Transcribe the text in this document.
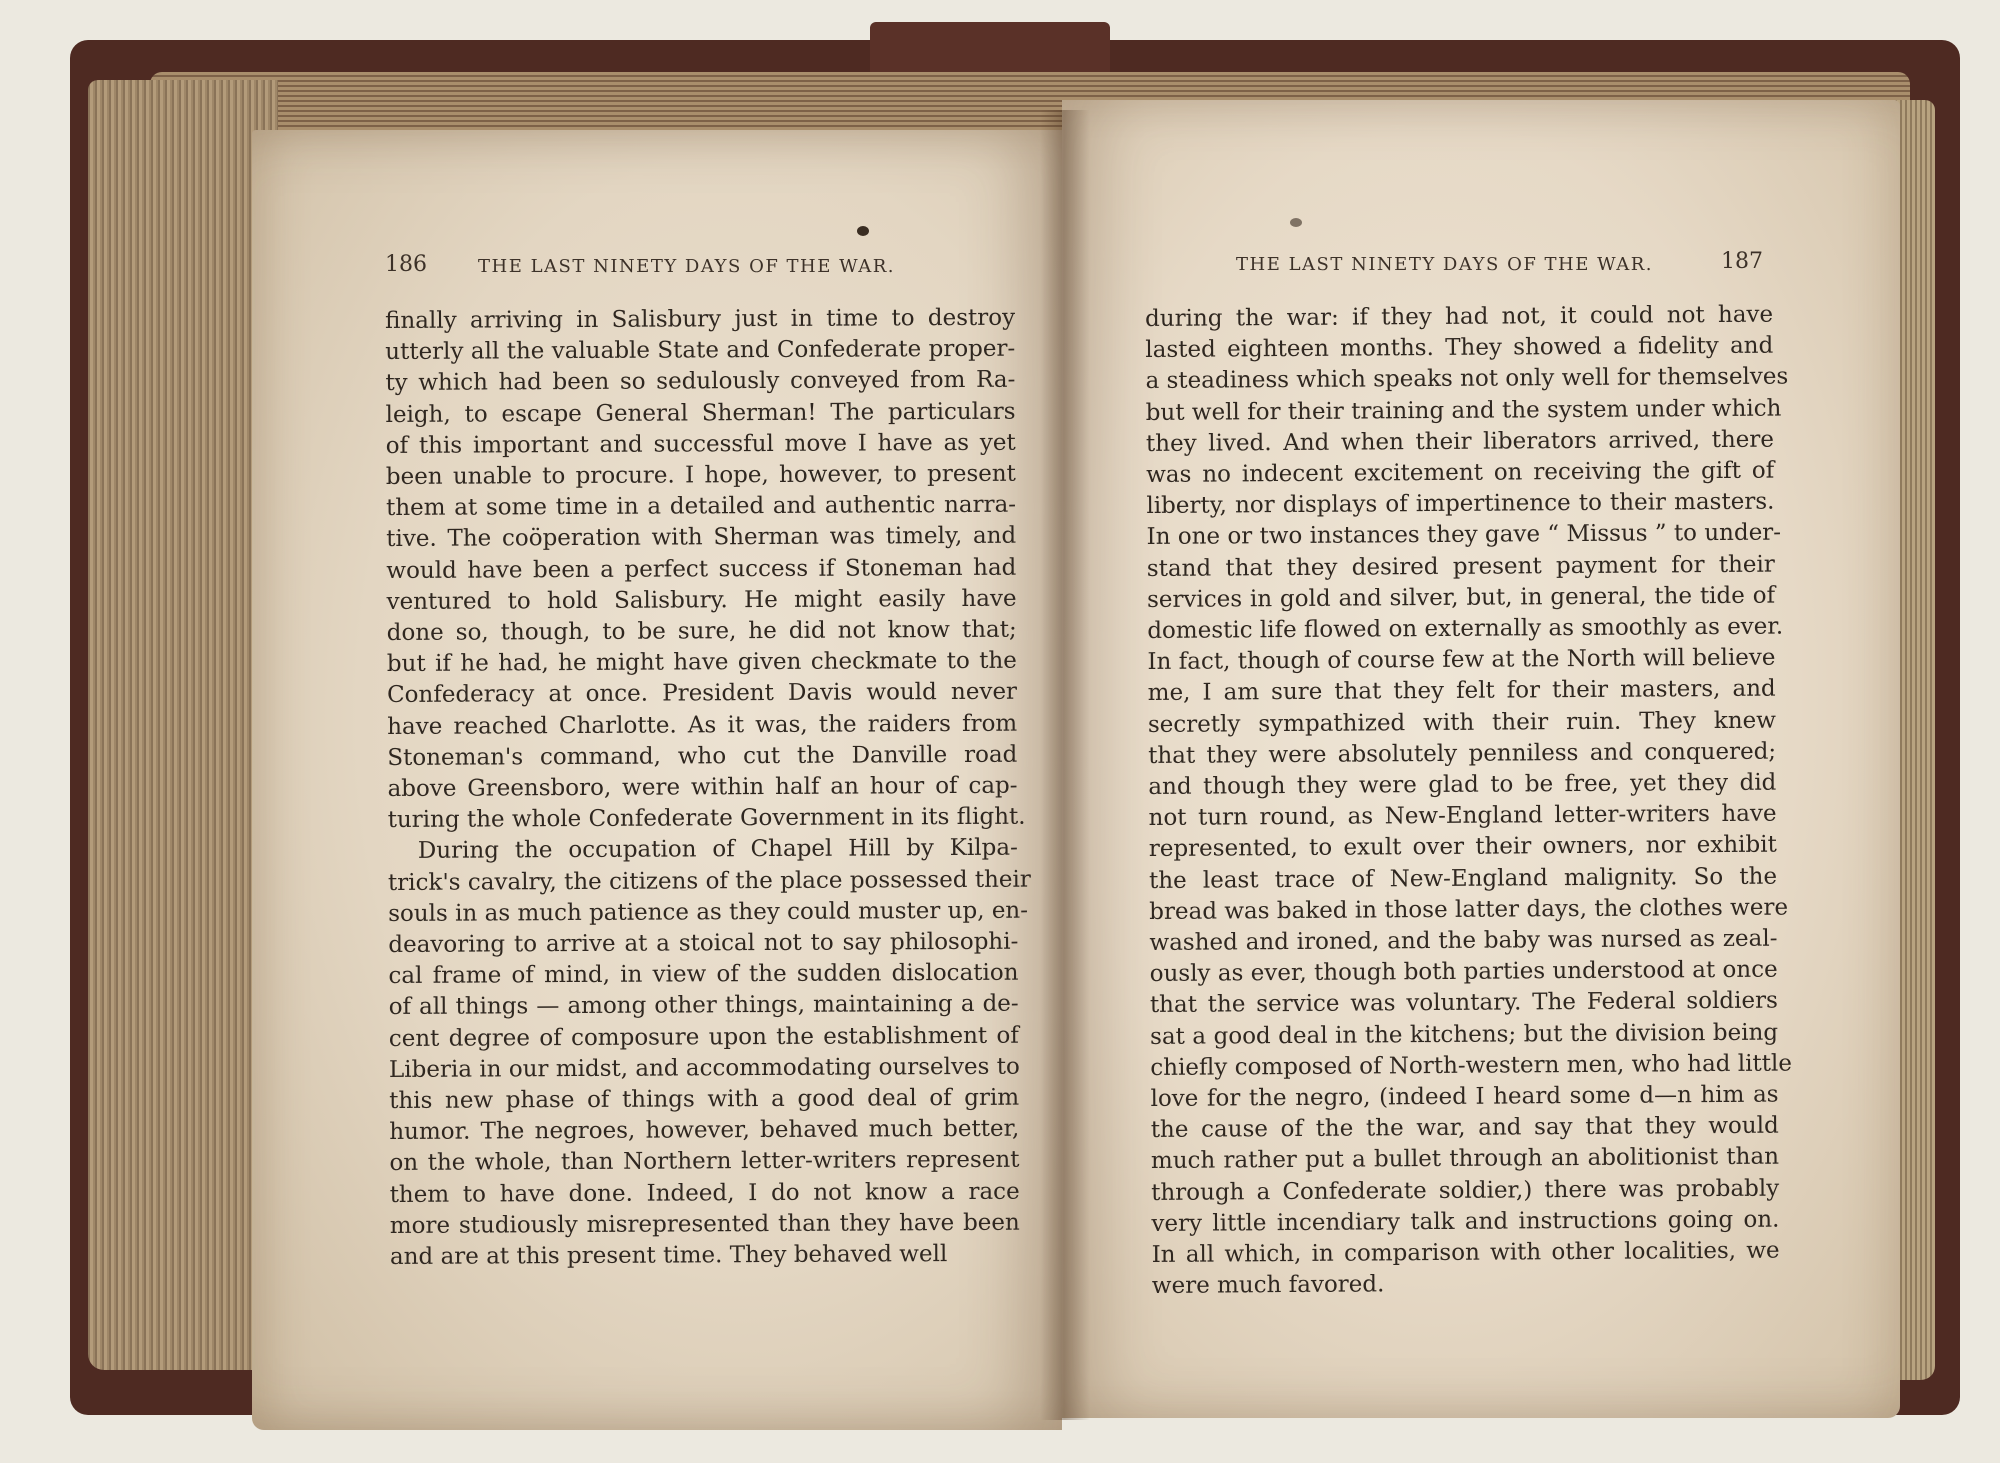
186	THE LAST NINETY DAYS OF THE WAR.	THE LAST NINETY DAYS OF THE WAR.	187
finally arriving in Salisbury just in time to destroy
utterly all the valuable State and Confederate proper-
ty which had been so sedulously conveyed from Ra-
leigh, to escape General Sherman! The particulars
of this important and successful move I have as yet
been unable to procure. I hope, however, to present
them at some time in a detailed and authentic narra-
tive. The coöperation with Sherman was timely, and
would have been a perfect success if Stoneman had
ventured to hold Salisbury. He might easily have
done so, though, to be sure, he did not know that;
but if he had, he might have given checkmate to the
Confederacy at once. President Davis would never
have reached Charlotte. As it was, the raiders from
Stoneman's command, who cut the Danville road
above Greensboro, were within half an hour of cap-
turing the whole Confederate Government in its flight.
During the occupation of Chapel Hill by Kilpa-
trick's cavalry, the citizens of the place possessed their
souls in as much patience as they could muster up, en-
deavoring to arrive at a stoical not to say philosophi-
cal frame of mind, in view of the sudden dislocation
of all things — among other things, maintaining a de-
cent degree of composure upon the establishment of
Liberia in our midst, and accommodating ourselves to
this new phase of things with a good deal of grim
humor. The negroes, however, behaved much better,
on the whole, than Northern letter-writers represent
them to have done. Indeed, I do not know a race
more studiously misrepresented than they have been
and are at this present time. They behaved well
during the war: if they had not, it could not have
lasted eighteen months. They showed a fidelity and
a steadiness which speaks not only well for themselves
but well for their training and the system under which
they lived. And when their liberators arrived, there
was no indecent excitement on receiving the gift of
liberty, nor displays of impertinence to their masters.
In one or two instances they gave “ Missus ” to under-
stand that they desired present payment for their
services in gold and silver, but, in general, the tide of
domestic life flowed on externally as smoothly as ever.
In fact, though of course few at the North will believe
me, I am sure that they felt for their masters, and
secretly sympathized with their ruin. They knew
that they were absolutely penniless and conquered;
and though they were glad to be free, yet they did
not turn round, as New-England letter-writers have
represented, to exult over their owners, nor exhibit
the least trace of New-England malignity. So the
bread was baked in those latter days, the clothes were
washed and ironed, and the baby was nursed as zeal-
ously as ever, though both parties understood at once
that the service was voluntary. The Federal soldiers
sat a good deal in the kitchens; but the division being
chiefly composed of North-western men, who had little
love for the negro, (indeed I heard some d—n him as
the cause of the the war, and say that they would
much rather put a bullet through an abolitionist than
through a Confederate soldier,) there was probably
very little incendiary talk and instructions going on.
In all which, in comparison with other localities, we
were much favored.
